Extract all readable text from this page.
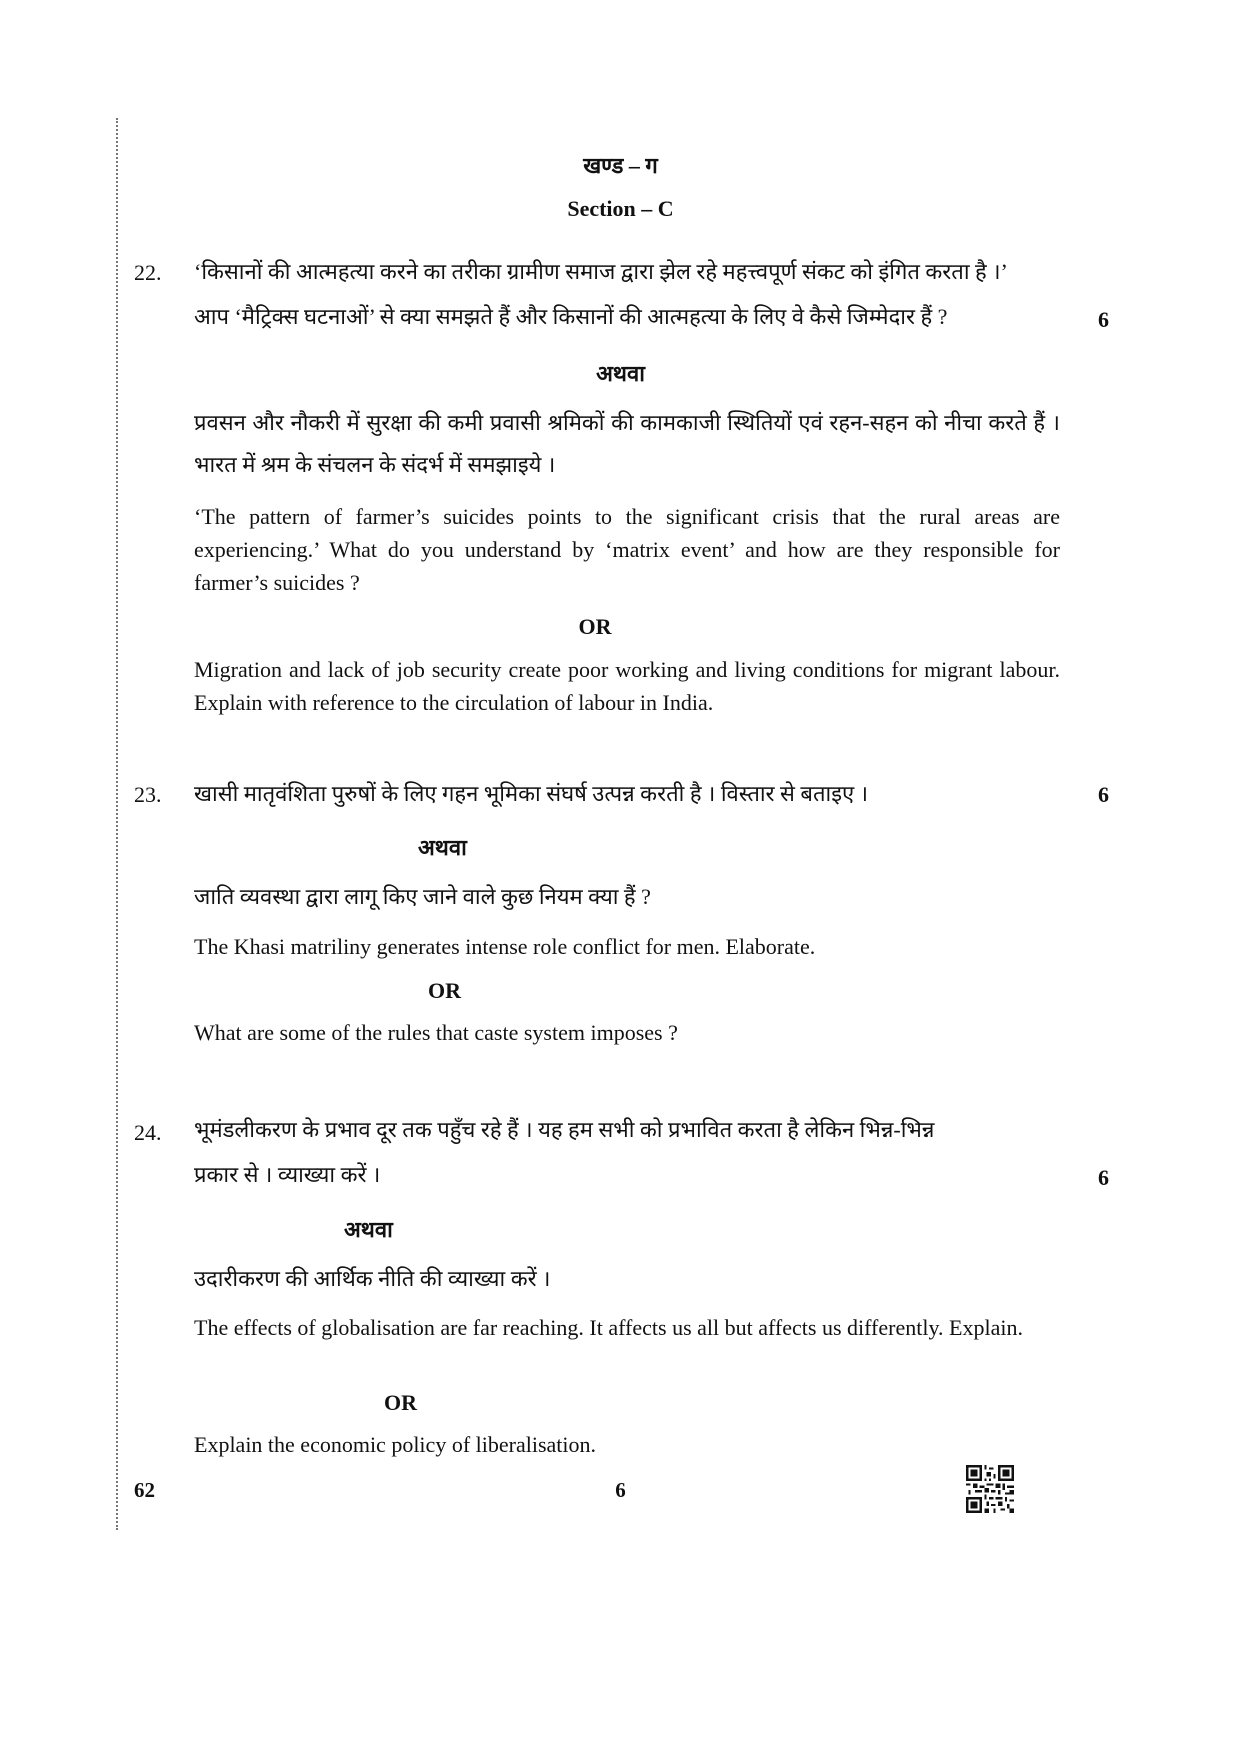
खण्ड – ग
Section – C
22. ‘किसानों की आत्महत्या करने का तरीका ग्रामीण समाज द्वारा झेल रहे महत्त्वपूर्ण संकट को इंगित करता है ।’
आप ‘मैट्रिक्स घटनाओं’ से क्या समझते हैं और किसानों की आत्महत्या के लिए वे कैसे जिम्मेदार हैं ?	6
अथवा
प्रवसन और नौकरी में सुरक्षा की कमी प्रवासी श्रमिकों की कामकाजी स्थितियों एवं रहन-सहन को नीचा करते हैं । भारत में श्रम के संचलन के संदर्भ में समझाइये ।
‘The pattern of farmer’s suicides points to the significant crisis that the rural areas are experiencing.’ What do you understand by ‘matrix event’ and how are they responsible for farmer’s suicides ?
OR
Migration and lack of job security create poor working and living conditions for migrant labour. Explain with reference to the circulation of labour in India.
23. खासी मातृवंशिता पुरुषों के लिए गहन भूमिका संघर्ष उत्पन्न करती है । विस्तार से बताइए ।	6
अथवा
जाति व्यवस्था द्वारा लागू किए जाने वाले कुछ नियम क्या हैं ?
The Khasi matriliny generates intense role conflict for men. Elaborate.
OR
What are some of the rules that caste system imposes ?
24. भूमंडलीकरण के प्रभाव दूर तक पहुँच रहे हैं । यह हम सभी को प्रभावित करता है लेकिन भिन्न-भिन्न
प्रकार से । व्याख्या करें ।	6
अथवा
उदारीकरण की आर्थिक नीति की व्याख्या करें ।
The effects of globalisation are far reaching. It affects us all but affects us differently. Explain.
OR
Explain the economic policy of liberalisation.
62	6
